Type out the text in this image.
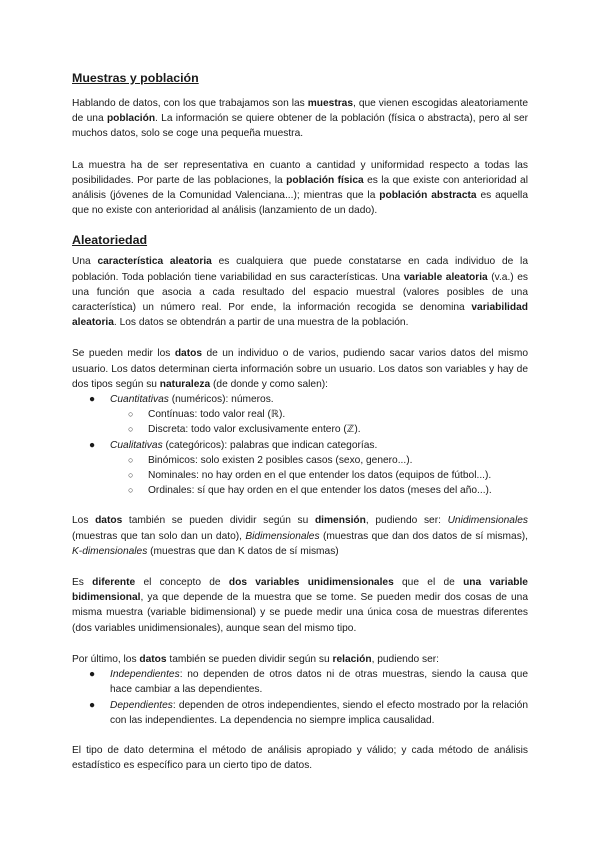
Muestras y población

Hablando de datos, con los que trabajamos son las muestras, que vienen escogidas aleatoriamente de una población. La información se quiere obtener de la población (física o abstracta), pero al ser muchos datos, solo se coge una pequeña muestra.

La muestra ha de ser representativa en cuanto a cantidad y uniformidad respecto a todas las posibilidades. Por parte de las poblaciones, la población física es la que existe con anterioridad al análisis (jóvenes de la Comunidad Valenciana...); mientras que la población abstracta es aquella que no existe con anterioridad al análisis (lanzamiento de un dado).

Aleatoriedad

Una característica aleatoria es cualquiera que puede constatarse en cada individuo de la población. Toda población tiene variabilidad en sus características. Una variable aleatoria (v.a.) es una función que asocia a cada resultado del espacio muestral (valores posibles de una característica) un número real. Por ende, la información recogida se denomina variabilidad aleatoria. Los datos se obtendrán a partir de una muestra de la población.

Se pueden medir los datos de un individuo o de varios, pudiendo sacar varios datos del mismo usuario. Los datos determinan cierta información sobre un usuario. Los datos son variables y hay de dos tipos según su naturaleza (de donde y como salen):

● Cuantitativas (numéricos): números.
○ Contínuas: todo valor real (ℝ).
○ Discreta: todo valor exclusivamente entero (ℤ).
● Cualitativas (categóricos): palabras que indican categorías.
○ Binómicos: solo existen 2 posibles casos (sexo, genero...).
○ Nominales: no hay orden en el que entender los datos (equipos de fútbol...).
○ Ordinales: sí que hay orden en el que entender los datos (meses del año...).

Los datos también se pueden dividir según su dimensión, pudiendo ser: Unidimensionales (muestras que tan solo dan un dato), Bidimensionales (muestras que dan dos datos de sí mismas), K-dimensionales (muestras que dan K datos de sí mismas)

Es diferente el concepto de dos variables unidimensionales que el de una variable bidimensional, ya que depende de la muestra que se tome. Se pueden medir dos cosas de una misma muestra (variable bidimensional) y se puede medir una única cosa de muestras diferentes (dos variables unidimensionales), aunque sean del mismo tipo.

Por último, los datos también se pueden dividir según su relación, pudiendo ser:

● Independientes: no dependen de otros datos ni de otras muestras, siendo la causa que hace cambiar a las dependientes.
● Dependientes: dependen de otros independientes, siendo el efecto mostrado por la relación con las independientes. La dependencia no siempre implica causalidad.

El tipo de dato determina el método de análisis apropiado y válido; y cada método de análisis estadístico es específico para un cierto tipo de datos.
